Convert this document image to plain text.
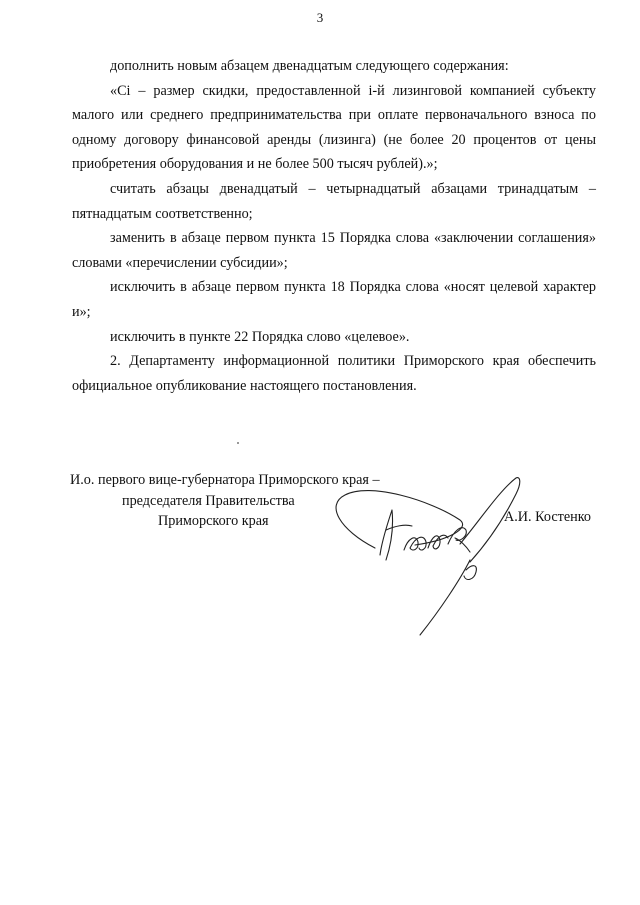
3

дополнить новым абзацем двенадцатым следующего содержания:

«Ci – размер скидки, предоставленной i-й лизинговой компанией субъекту малого или среднего предпринимательства при оплате первоначального взноса по одному договору финансовой аренды (лизинга) (не более 20 процентов от цены приобретения оборудования и не более 500 тысяч рублей).»;

считать абзацы двенадцатый – четырнадцатый абзацами тринадцатым – пятнадцатым соответственно;

заменить в абзаце первом пункта 15 Порядка слова «заключении соглашения» словами «перечислении субсидии»;

исключить в абзаце первом пункта 18 Порядка слова «носят целевой характер и»;

исключить в пункте 22 Порядка слово «целевое».

2. Департаменту информационной политики Приморского края обеспечить официальное опубликование настоящего постановления.

И.о. первого вице-губернатора Приморского края –
председателя Правительства
Приморского края	А.И. Костенко
